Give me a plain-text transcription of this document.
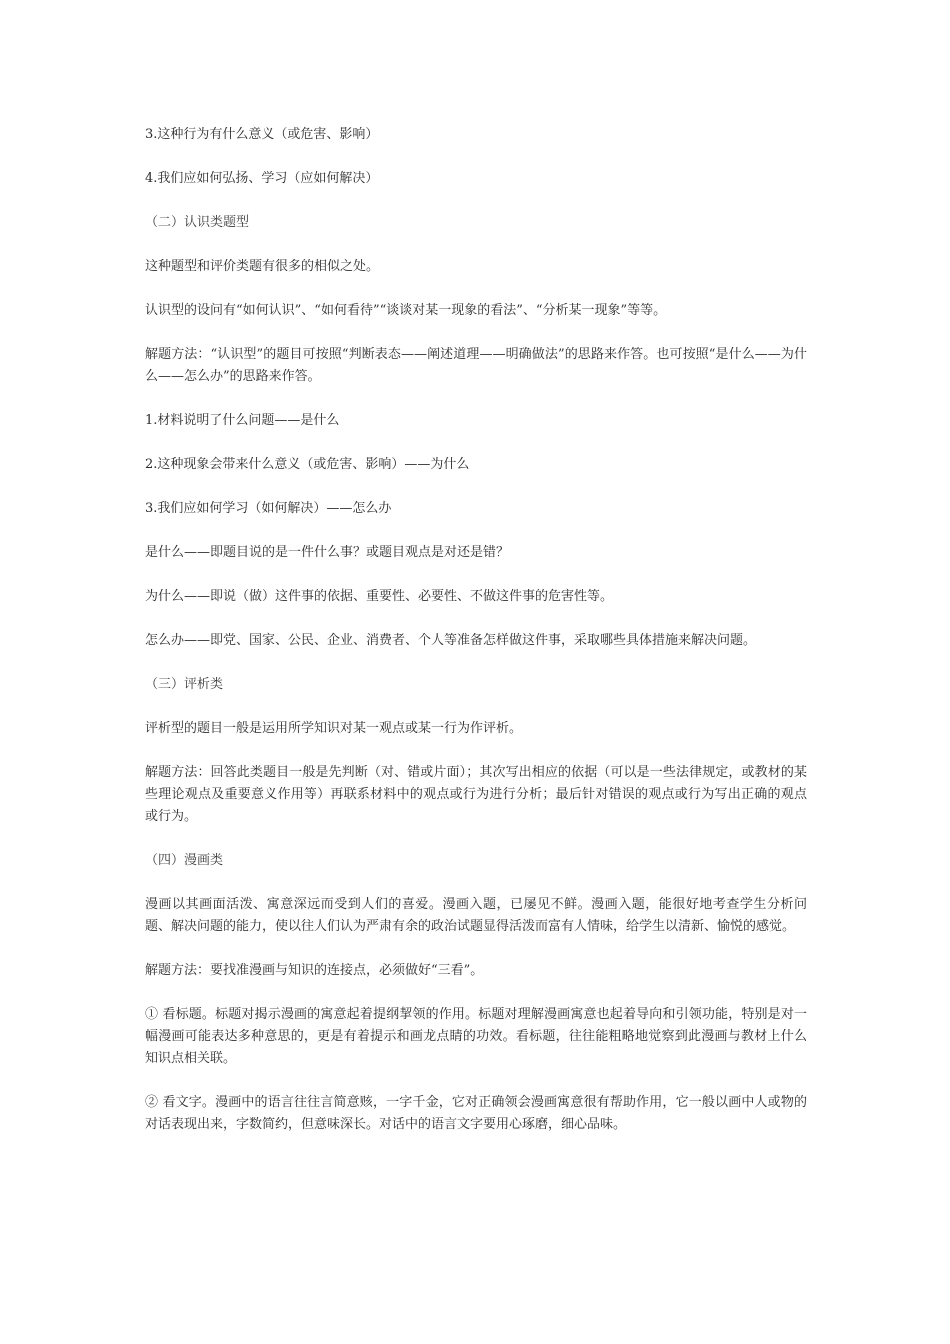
3.这种行为有什么意义（或危害、影响）

4.我们应如何弘扬、学习（应如何解决）

（二）认识类题型

这种题型和评价类题有很多的相似之处。

认识型的设问有“如何认识”、“如何看待”“谈谈对某一现象的看法”、“分析某一现象”等等。

解题方法：“认识型”的题目可按照“判断表态——阐述道理——明确做法”的思路来作答。也可按照“是什么——为什么——怎么办”的思路来作答。

1.材料说明了什么问题——是什么

2.这种现象会带来什么意义（或危害、影响）——为什么

3.我们应如何学习（如何解决）——怎么办

是什么——即题目说的是一件什么事？或题目观点是对还是错？

为什么——即说（做）这件事的依据、重要性、必要性、不做这件事的危害性等。

怎么办——即党、国家、公民、企业、消费者、个人等准备怎样做这件事，采取哪些具体措施来解决问题。

（三）评析类

评析型的题目一般是运用所学知识对某一观点或某一行为作评析。

解题方法：回答此类题目一般是先判断（对、错或片面）；其次写出相应的依据（可以是一些法律规定，或教材的某些理论观点及重要意义作用等）再联系材料中的观点或行为进行分析；最后针对错误的观点或行为写出正确的观点或行为。

（四）漫画类

漫画以其画面活泼、寓意深远而受到人们的喜爱。漫画入题，已屡见不鲜。漫画入题，能很好地考查学生分析问题、解决问题的能力，使以往人们认为严肃有余的政治试题显得活泼而富有人情味，给学生以清新、愉悦的感觉。

解题方法：要找准漫画与知识的连接点，必须做好“三看”。

① 看标题。标题对揭示漫画的寓意起着提纲挈领的作用。标题对理解漫画寓意也起着导向和引领功能，特别是对一幅漫画可能表达多种意思的，更是有着提示和画龙点睛的功效。看标题，往往能粗略地觉察到此漫画与教材上什么知识点相关联。

② 看文字。漫画中的语言往往言简意赅，一字千金，它对正确领会漫画寓意很有帮助作用，它一般以画中人或物的对话表现出来，字数简约，但意味深长。对话中的语言文字要用心琢磨，细心品味。
